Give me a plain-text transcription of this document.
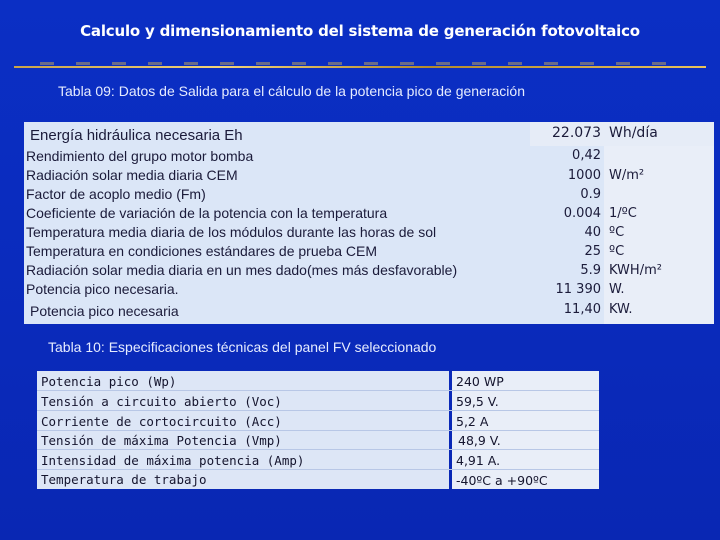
Calculo y dimensionamiento del sistema de generación fotovoltaico
Tabla 09: Datos de Salida para el cálculo de la potencia pico de generación
Energía hidráulica necesaria Eh	22.073 Wh/día
Rendimiento del grupo motor bomba	0,42
Radiación solar media diaria CEM	1000 W/m²
Factor de acoplo medio (Fm)	0.9
Coeficiente de variación de la potencia con la temperatura	0.004 1/ºC
Temperatura media diaria de los módulos durante las horas de sol	40 ºC
Temperatura en condiciones estándares de prueba CEM	25 ºC
Radiación solar media diaria en un mes dado(mes más desfavorable)	5.9 KWH/m²
Potencia pico necesaria.	11 390 W.
Potencia pico necesaria	11,40 KW.
Tabla 10: Especificaciones técnicas del panel FV seleccionado
Potencia pico (Wp)	240 WP
Tensión a circuito abierto (Voc)	59,5 V.
Corriente de cortocircuito (Acc)	5,2 A
Tensión de máxima Potencia (Vmp)	48,9 V.
Intensidad de máxima potencia (Amp)	4,91 A.
Temperatura de trabajo	-40ºC a +90ºC
